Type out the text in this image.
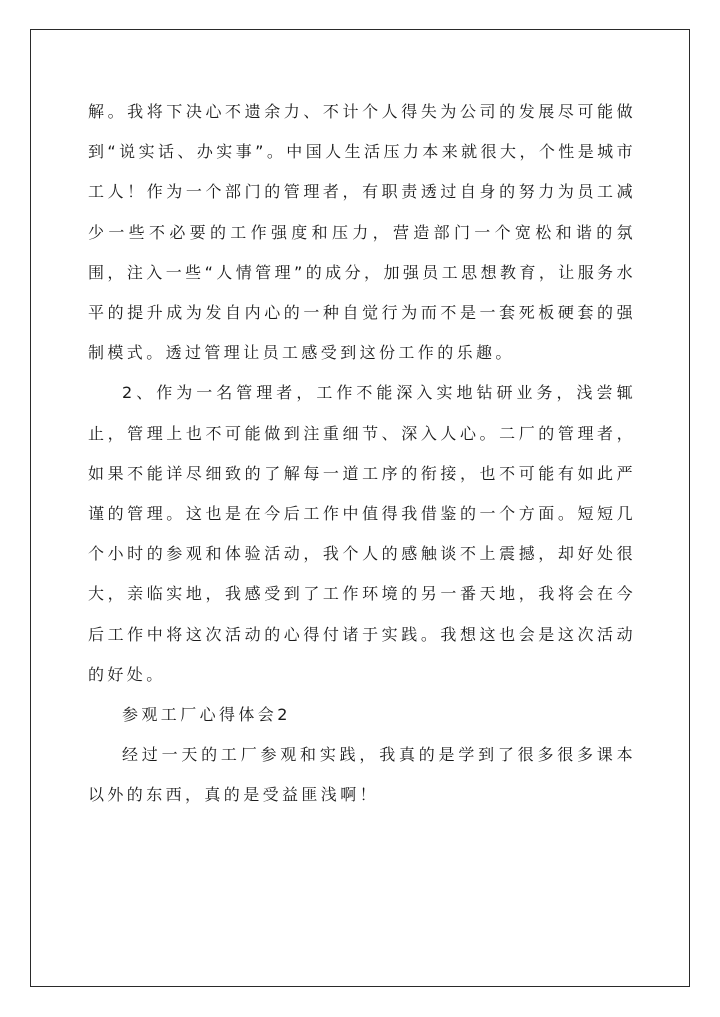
解。我将下决心不遗余力、不计个人得失为公司的发展尽可能做到“说实话、办实事”。中国人生活压力本来就很大，个性是城市工人！作为一个部门的管理者，有职责透过自身的努力为员工减少一些不必要的工作强度和压力，营造部门一个宽松和谐的氛围，注入一些“人情管理”的成分，加强员工思想教育，让服务水平的提升成为发自内心的一种自觉行为而不是一套死板硬套的强制模式。透过管理让员工感受到这份工作的乐趣。

2、作为一名管理者，工作不能深入实地钻研业务，浅尝辄止，管理上也不可能做到注重细节、深入人心。二厂的管理者，如果不能详尽细致的了解每一道工序的衔接，也不可能有如此严谨的管理。这也是在今后工作中值得我借鉴的一个方面。短短几个小时的参观和体验活动，我个人的感触谈不上震撼，却好处很大，亲临实地，我感受到了工作环境的另一番天地，我将会在今后工作中将这次活动的心得付诸于实践。我想这也会是这次活动的好处。

参观工厂心得体会2

经过一天的工厂参观和实践，我真的是学到了很多很多课本以外的东西，真的是受益匪浅啊！
